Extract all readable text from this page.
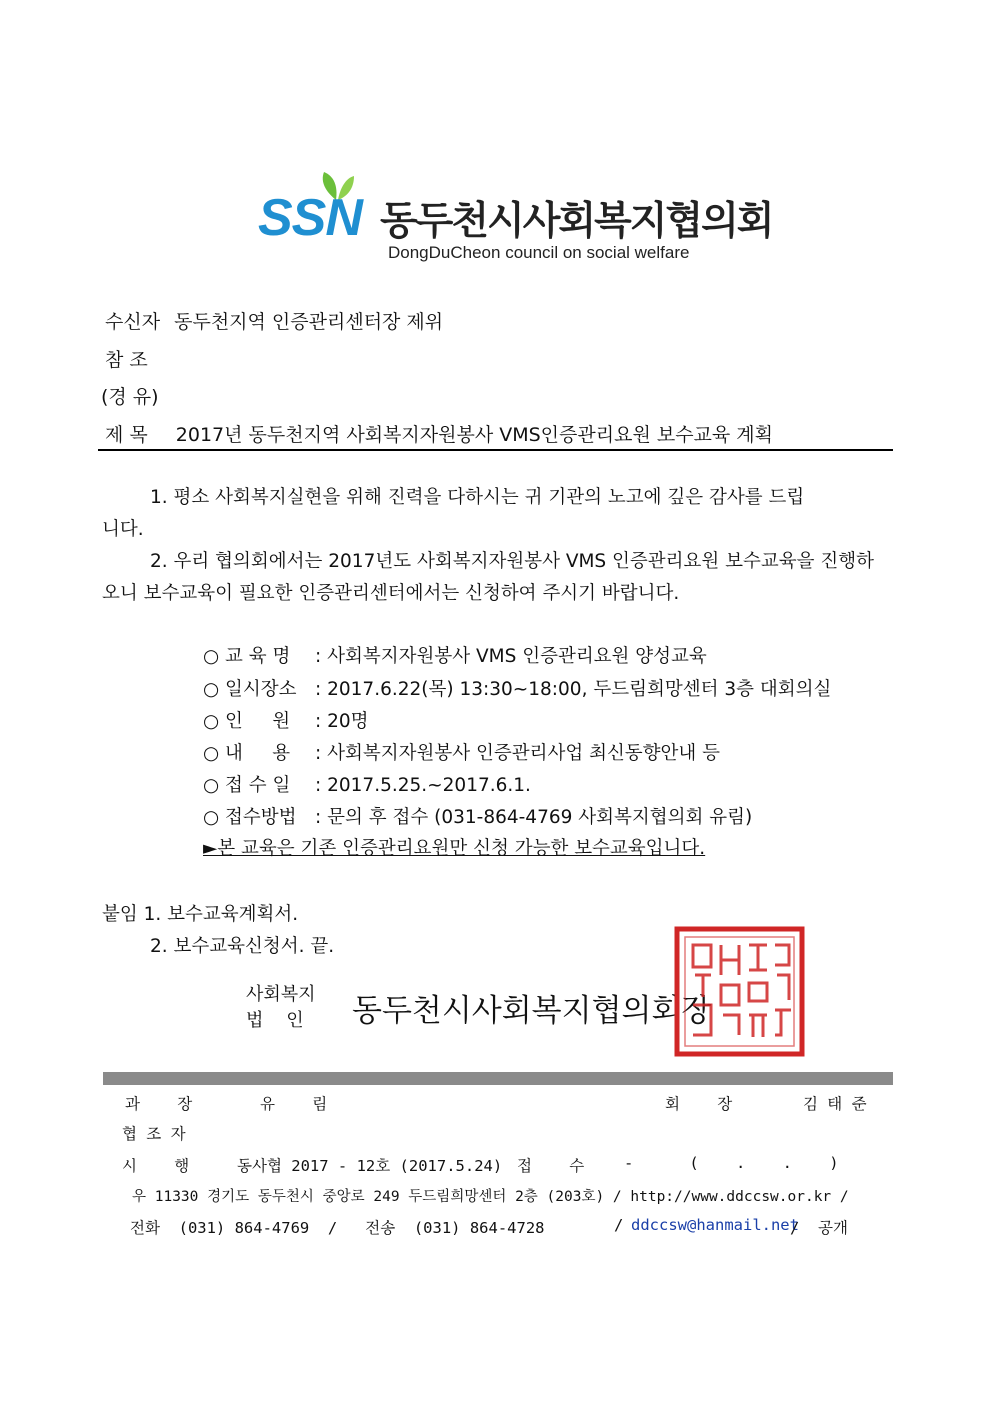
SSN 동두천시사회복지협의회
DongDuCheon council on social welfare
수신자 동두천지역 인증관리센터장 제위
참 조
(경 유)
제 목 2017년 동두천지역 사회복지자원봉사 VMS인증관리요원 보수교육 계획
1. 평소 사회복지실현을 위해 진력을 다하시는 귀 기관의 노고에 깊은 감사를 드립
니다.
2. 우리 협의회에서는 2017년도 사회복지자원봉사 VMS 인증관리요원 보수교육을 진행하
오니 보수교육이 필요한 인증관리센터에서는 신청하여 주시기 바랍니다.
○ 교 육 명 : 사회복지자원봉사 VMS 인증관리요원 양성교육
○ 일시장소 : 2017.6.22(목) 13:30~18:00, 두드림희망센터 3층 대회의실
○ 인     원 : 20명
○ 내     용 : 사회복지자원봉사 인증관리사업 최신동향안내 등
○ 접 수 일 : 2017.5.25.~2017.6.1.
○ 접수방법 : 문의 후 접수 (031-864-4769 사회복지협의회 유림)
►본 교육은 기존 인증관리요원만 신청 가능한 보수교육입니다.
붙임 1. 보수교육계획서.
2. 보수교육신청서. 끝.
사회복지
법    인	동두천시사회복지협의회장
과    장	유    림	회    장	김 태 준
협 조 자
시    행	동사협 2017 - 12호 (2017.5.24) 접    수	-      (    .    .    )
우 11330 경기도 동두천시 중앙로 249 두드림희망센터 2층 (203호) / http://www.ddccsw.or.kr /
전화  (031) 864-4769  /   전송  (031) 864-4728	/ ddccsw@hanmail.net
/  공개
